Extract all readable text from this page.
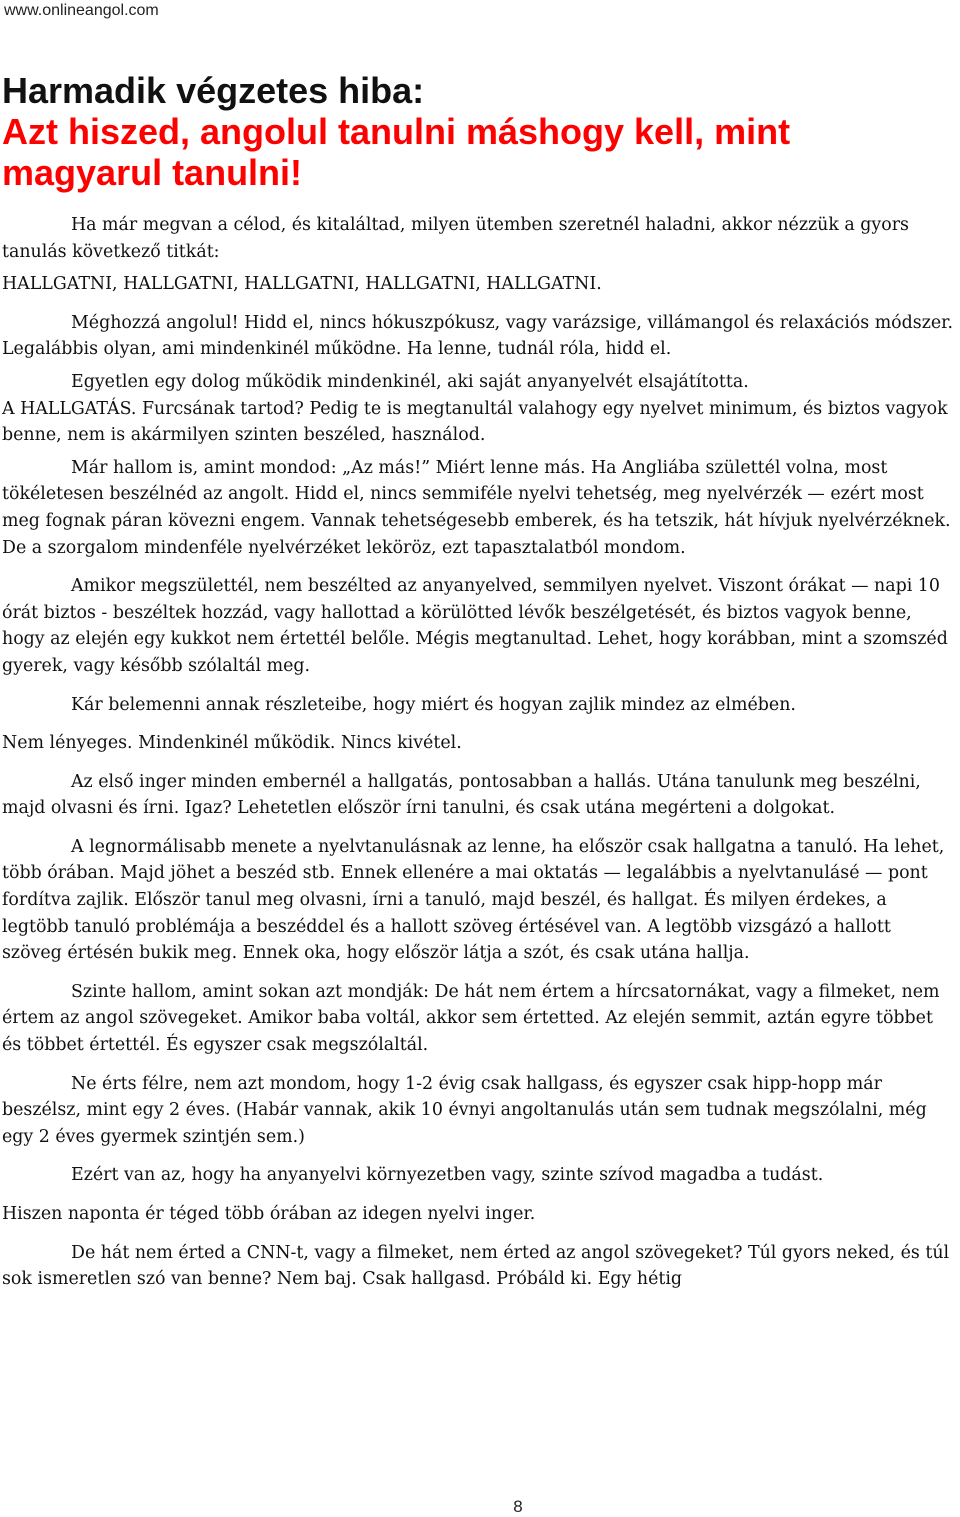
www.onlineangol.com
Harmadik végzetes hiba:
Azt hiszed, angolul tanulni máshogy kell, mint magyarul tanulni!

Ha már megvan a célod, és kitaláltad, milyen ütemben szeretnél haladni, akkor nézzük a gyors tanulás következő titkát:

HALLGATNI, HALLGATNI, HALLGATNI, HALLGATNI, HALLGATNI.

Méghozzá angolul! Hidd el, nincs hókuszpókusz, vagy varázsige, villámangol és relaxációs módszer. Legalábbis olyan, ami mindenkinél működne. Ha lenne, tudnál róla, hidd el.

Egyetlen egy dolog működik mindenkinél, aki saját anyanyelvét elsajátította.

A HALLGATÁS. Furcsának tartod? Pedig te is megtanultál valahogy egy nyelvet minimum, és biztos vagyok benne, nem is akármilyen szinten beszéled, használod.

Már hallom is, amint mondod: „Az más!” Miért lenne más. Ha Angliába születtél volna, most tökéletesen beszélnéd az angolt. Hidd el, nincs semmiféle nyelvi tehetség, meg nyelvérzék — ezért most meg fognak páran kövezni engem. Vannak tehetségesebb emberek, és ha tetszik, hát hívjuk nyelvérzéknek. De a szorgalom mindenféle nyelvérzéket leköröz, ezt tapasztalatból mondom.

Amikor megszülettél, nem beszélted az anyanyelved, semmilyen nyelvet. Viszont órákat — napi 10 órát biztos - beszéltek hozzád, vagy hallottad a körülötted lévők beszélgetését, és biztos vagyok benne, hogy az elején egy kukkot nem értettél belőle. Mégis megtanultad. Lehet, hogy korábban, mint a szomszéd gyerek, vagy később szólaltál meg.

Kár belemenni annak részleteibe, hogy miért és hogyan zajlik mindez az elmében.

Nem lényeges. Mindenkinél működik. Nincs kivétel.

Az első inger minden embernél a hallgatás, pontosabban a hallás. Utána tanulunk meg beszélni, majd olvasni és írni. Igaz? Lehetetlen először írni tanulni, és csak utána megérteni a dolgokat.

A legnormálisabb menete a nyelvtanulásnak az lenne, ha először csak hallgatna a tanuló. Ha lehet, több órában. Majd jöhet a beszéd stb. Ennek ellenére a mai oktatás — legalábbis a nyelvtanulásé — pont fordítva zajlik. Először tanul meg olvasni, írni a tanuló, majd beszél, és hallgat. És milyen érdekes, a legtöbb tanuló problémája a beszéddel és a hallott szöveg értésével van. A legtöbb vizsgázó a hallott szöveg értésén bukik meg. Ennek oka, hogy először látja a szót, és csak utána hallja.

Szinte hallom, amint sokan azt mondják: De hát nem értem a hírcsatornákat, vagy a filmeket, nem értem az angol szövegeket. Amikor baba voltál, akkor sem értetted. Az elején semmit, aztán egyre többet és többet értettél. És egyszer csak megszólaltál.

Ne érts félre, nem azt mondom, hogy 1-2 évig csak hallgass, és egyszer csak hipp-hopp már beszélsz, mint egy 2 éves. (Habár vannak, akik 10 évnyi angoltanulás után sem tudnak megszólalni, még egy 2 éves gyermek szintjén sem.)

Ezért van az, hogy ha anyanyelvi környezetben vagy, szinte szívod magadba a tudást.

Hiszen naponta ér téged több órában az idegen nyelvi inger.

De hát nem érted a CNN-t, vagy a filmeket, nem érted az angol szövegeket? Túl gyors neked, és túl sok ismeretlen szó van benne? Nem baj. Csak hallgasd. Próbáld ki. Egy hétig

8
